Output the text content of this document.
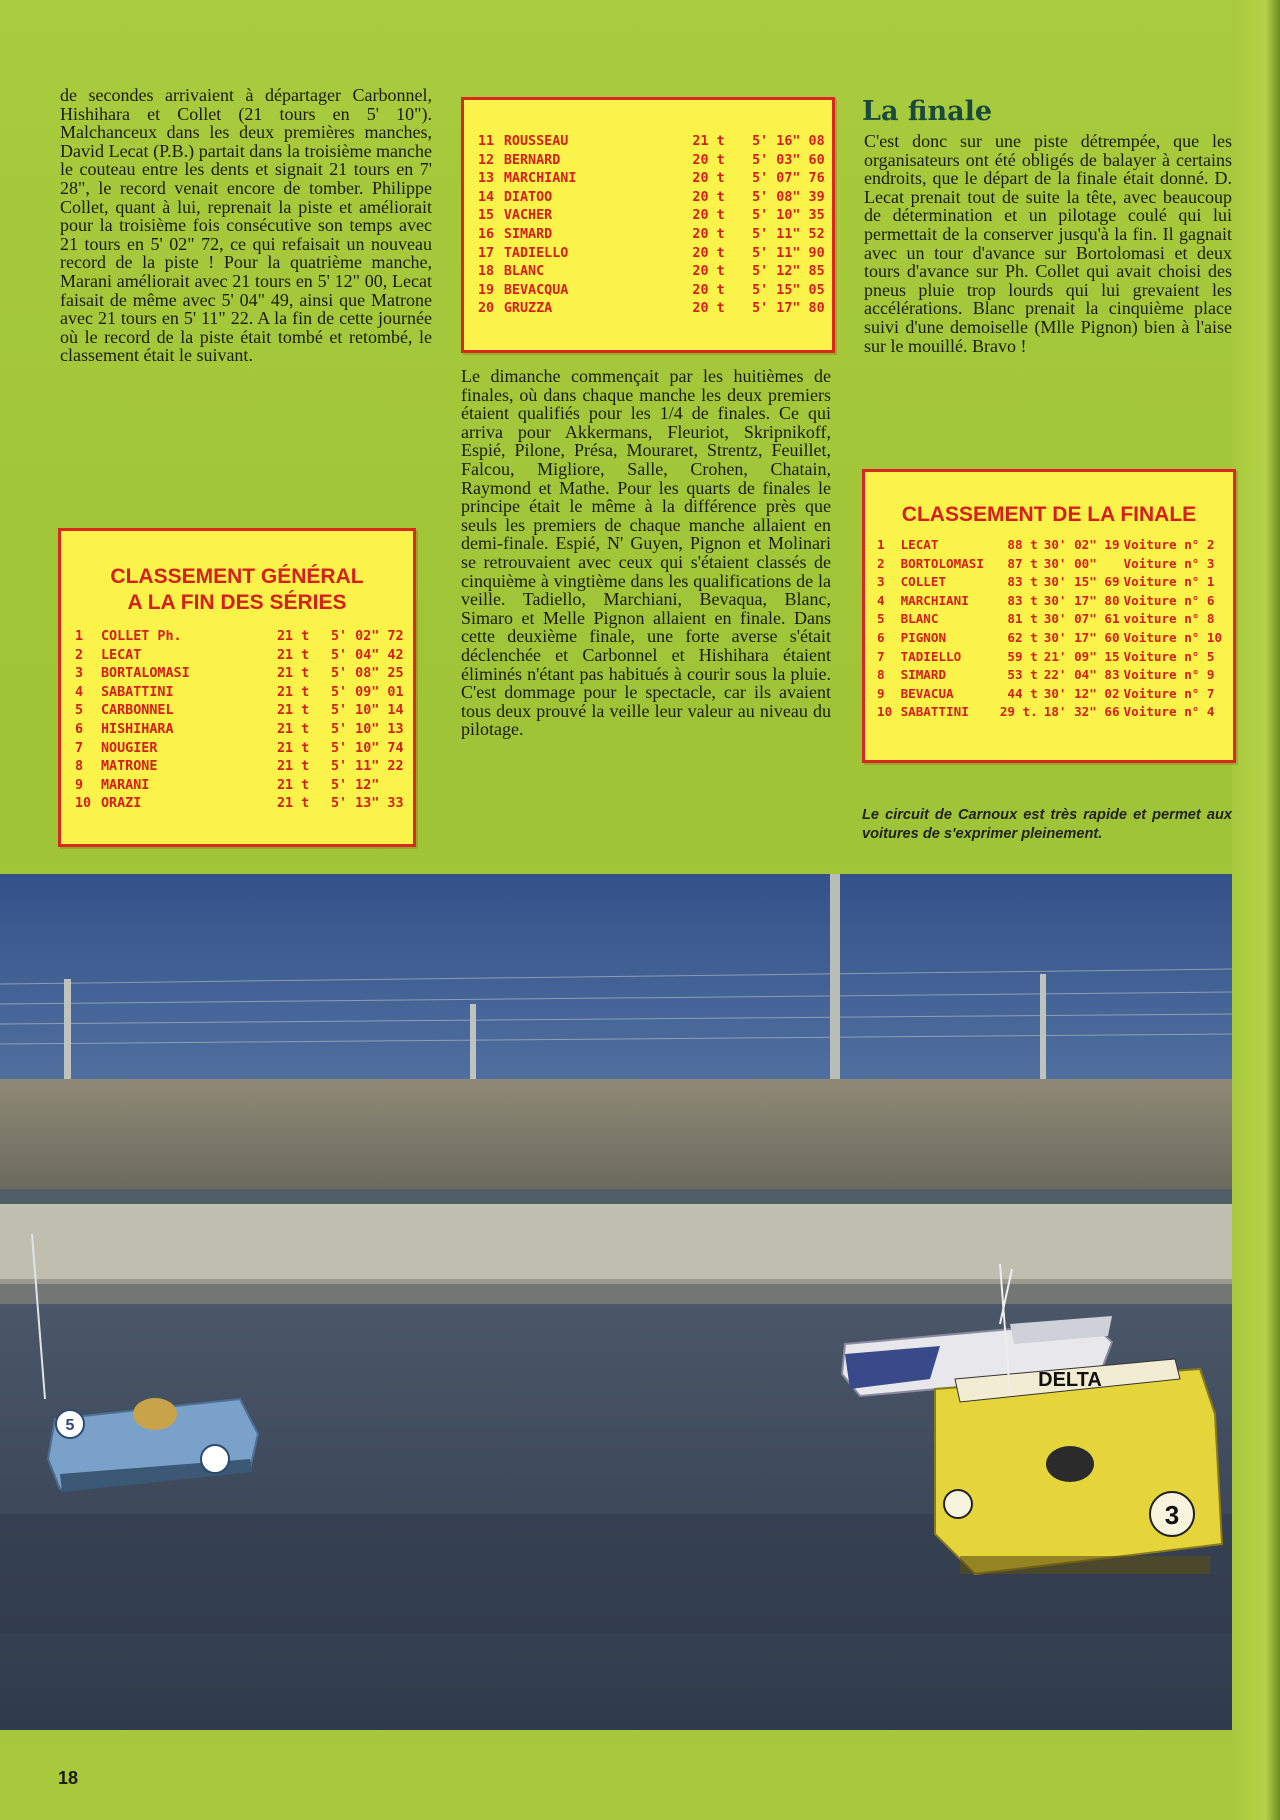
de secondes arrivaient à départager Carbonnel, Hishihara et Collet (21 tours en 5' 10"). Malchanceux dans les deux premières manches, David Lecat (P.B.) partait dans la troisième manche le couteau entre les dents et signait 21 tours en 7' 28", le record venait encore de tomber. Philippe Collet, quant à lui, reprenait la piste et améliorait pour la troisième fois consécutive son temps avec 21 tours en 5' 02" 72, ce qui refaisait un nouveau record de la piste ! Pour la quatrième manche, Marani améliorait avec 21 tours en 5' 12" 00, Lecat faisait de même avec 5' 04" 49, ainsi que Matrone avec 21 tours en 5' 11" 22. A la fin de cette journée où le record de la piste était tombé et retombé, le classement était le suivant.

11	ROUSSEAU	21 t	5' 16" 08
12	BERNARD	20 t	5' 03" 60
13	MARCHIANI	20 t	5' 07" 76
14	DIATOO	20 t	5' 08" 39
15	VACHER	20 t	5' 10" 35
16	SIMARD	20 t	5' 11" 52
17	TADIELLO	20 t	5' 11" 90
18	BLANC	20 t	5' 12" 85
19	BEVACQUA	20 t	5' 15" 05
20	GRUZZA	20 t	5' 17" 80

Le dimanche commençait par les huitièmes de finales, où dans chaque manche les deux premiers étaient qualifiés pour les 1/4 de finales. Ce qui arriva pour Akkermans, Fleuriot, Skripnikoff, Espié, Pilone, Présa, Mouraret, Strentz, Feuillet, Falcou, Migliore, Salle, Crohen, Chatain, Raymond et Mathe. Pour les quarts de finales le principe était le même à la différence près que seuls les premiers de chaque manche allaient en demi-finale. Espié, N' Guyen, Pignon et Molinari se retrouvaient avec ceux qui s'étaient classés de cinquième à vingtième dans les qualifications de la veille. Tadiello, Marchiani, Bevaqua, Blanc, Simaro et Melle Pignon allaient en finale. Dans cette deuxième finale, une forte averse s'était déclenchée et Carbonnel et Hishihara étaient éliminés n'étant pas habitués à courir sous la pluie. C'est dommage pour le spectacle, car ils avaient tous deux prouvé la veille leur valeur au niveau du pilotage.

La finale

C'est donc sur une piste détrempée, que les organisateurs ont été obligés de balayer à certains endroits, que le départ de la finale était donné. D. Lecat prenait tout de suite la tête, avec beaucoup de détermination et un pilotage coulé qui lui permettait de la conserver jusqu'à la fin. Il gagnait avec un tour d'avance sur Bortolomasi et deux tours d'avance sur Ph. Collet qui avait choisi des pneus pluie trop lourds qui lui grevaient les accélérations. Blanc prenait la cinquième place suivi d'une demoiselle (Mlle Pignon) bien à l'aise sur le mouillé. Bravo !

CLASSEMENT GÉNÉRAL
A LA FIN DES SÉRIES
1	COLLET Ph.	21 t	5' 02" 72
2	LECAT	21 t	5' 04" 42
3	BORTALOMASI	21 t	5' 08" 25
4	SABATTINI	21 t	5' 09" 01
5	CARBONNEL	21 t	5' 10" 14
6	HISHIHARA	21 t	5' 10" 13
7	NOUGIER	21 t	5' 10" 74
8	MATRONE	21 t	5' 11" 22
9	MARANI	21 t	5' 12"
10	ORAZI	21 t	5' 13" 33
CLASSEMENT DE LA FINALE
1	LECAT	88 t	30' 02" 19	Voiture n° 2
2	BORTOLOMASI	87 t	30' 00"	Voiture n° 3
3	COLLET	83 t	30' 15" 69	Voiture n° 1
4	MARCHIANI	83 t	30' 17" 80	Voiture n° 6
5	BLANC	81 t	30' 07" 61	voiture n° 8
6	PIGNON	62 t	30' 17" 60	Voiture n° 10
7	TADIELLO	59 t	21' 09" 15	Voiture n° 5
8	SIMARD	53 t	22' 04" 83	Voiture n° 9
9	BEVACUA	44 t	30' 12" 02	Voiture n° 7
10	SABATTINI	29 t.	18' 32" 66	Voiture n° 4
Le circuit de Carnoux est très rapide et permet aux voitures de s'exprimer pleinement.
5
DELTA
3
18
